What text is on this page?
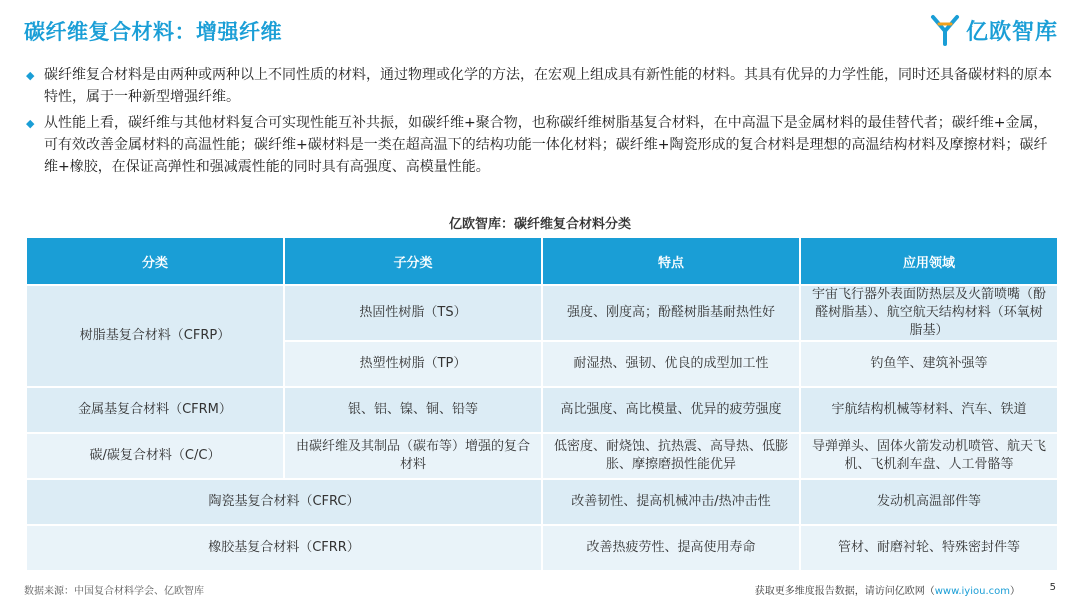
碳纤维复合材料：增强纤维	亿欧智库
◆ 碳纤维复合材料是由两种或两种以上不同性质的材料，通过物理或化学的方法，在宏观上组成具有新性能的材料。其具有优异的力学性能，同时还具备碳材料的原本特性，属于一种新型增强纤维。
◆ 从性能上看，碳纤维与其他材料复合可实现性能互补共振，如碳纤维+聚合物，也称碳纤维树脂基复合材料，在中高温下是金属材料的最佳替代者；碳纤维+金属，可有效改善金属材料的高温性能；碳纤维+碳材料是一类在超高温下的结构功能一体化材料；碳纤维+陶瓷形成的复合材料是理想的高温结构材料及摩擦材料；碳纤维+橡胶，在保证高弹性和强减震性能的同时具有高强度、高模量性能。
亿欧智库：碳纤维复合材料分类
分类	子分类	特点	应用领域
树脂基复合材料（CFRP）	热固性树脂（TS）	强度、刚度高；酚醛树脂基耐热性好	宇宙飞行器外表面防热层及火箭喷嘴（酚醛树脂基）、航空航天结构材料（环氧树脂基）
	热塑性树脂（TP）	耐湿热、强韧、优良的成型加工性	钓鱼竿、建筑补强等
金属基复合材料（CFRM）	银、铝、镍、铜、铅等	高比强度、高比模量、优异的疲劳强度	宇航结构机械等材料、汽车、铁道
碳/碳复合材料（C/C）	由碳纤维及其制品（碳布等）增强的复合材料	低密度、耐烧蚀、抗热震、高导热、低膨胀、摩擦磨损性能优异	导弹弹头、固体火箭发动机喷管、航天飞机、飞机刹车盘、人工骨骼等
陶瓷基复合材料（CFRC）		改善韧性、提高机械冲击/热冲击性	发动机高温部件等
橡胶基复合材料（CFRR）		改善热疲劳性、提高使用寿命	管材、耐磨衬轮、特殊密封件等
数据来源：中国复合材料学会、亿欧智库	获取更多维度报告数据，请访问亿欧网（www.iyiou.com）	5
